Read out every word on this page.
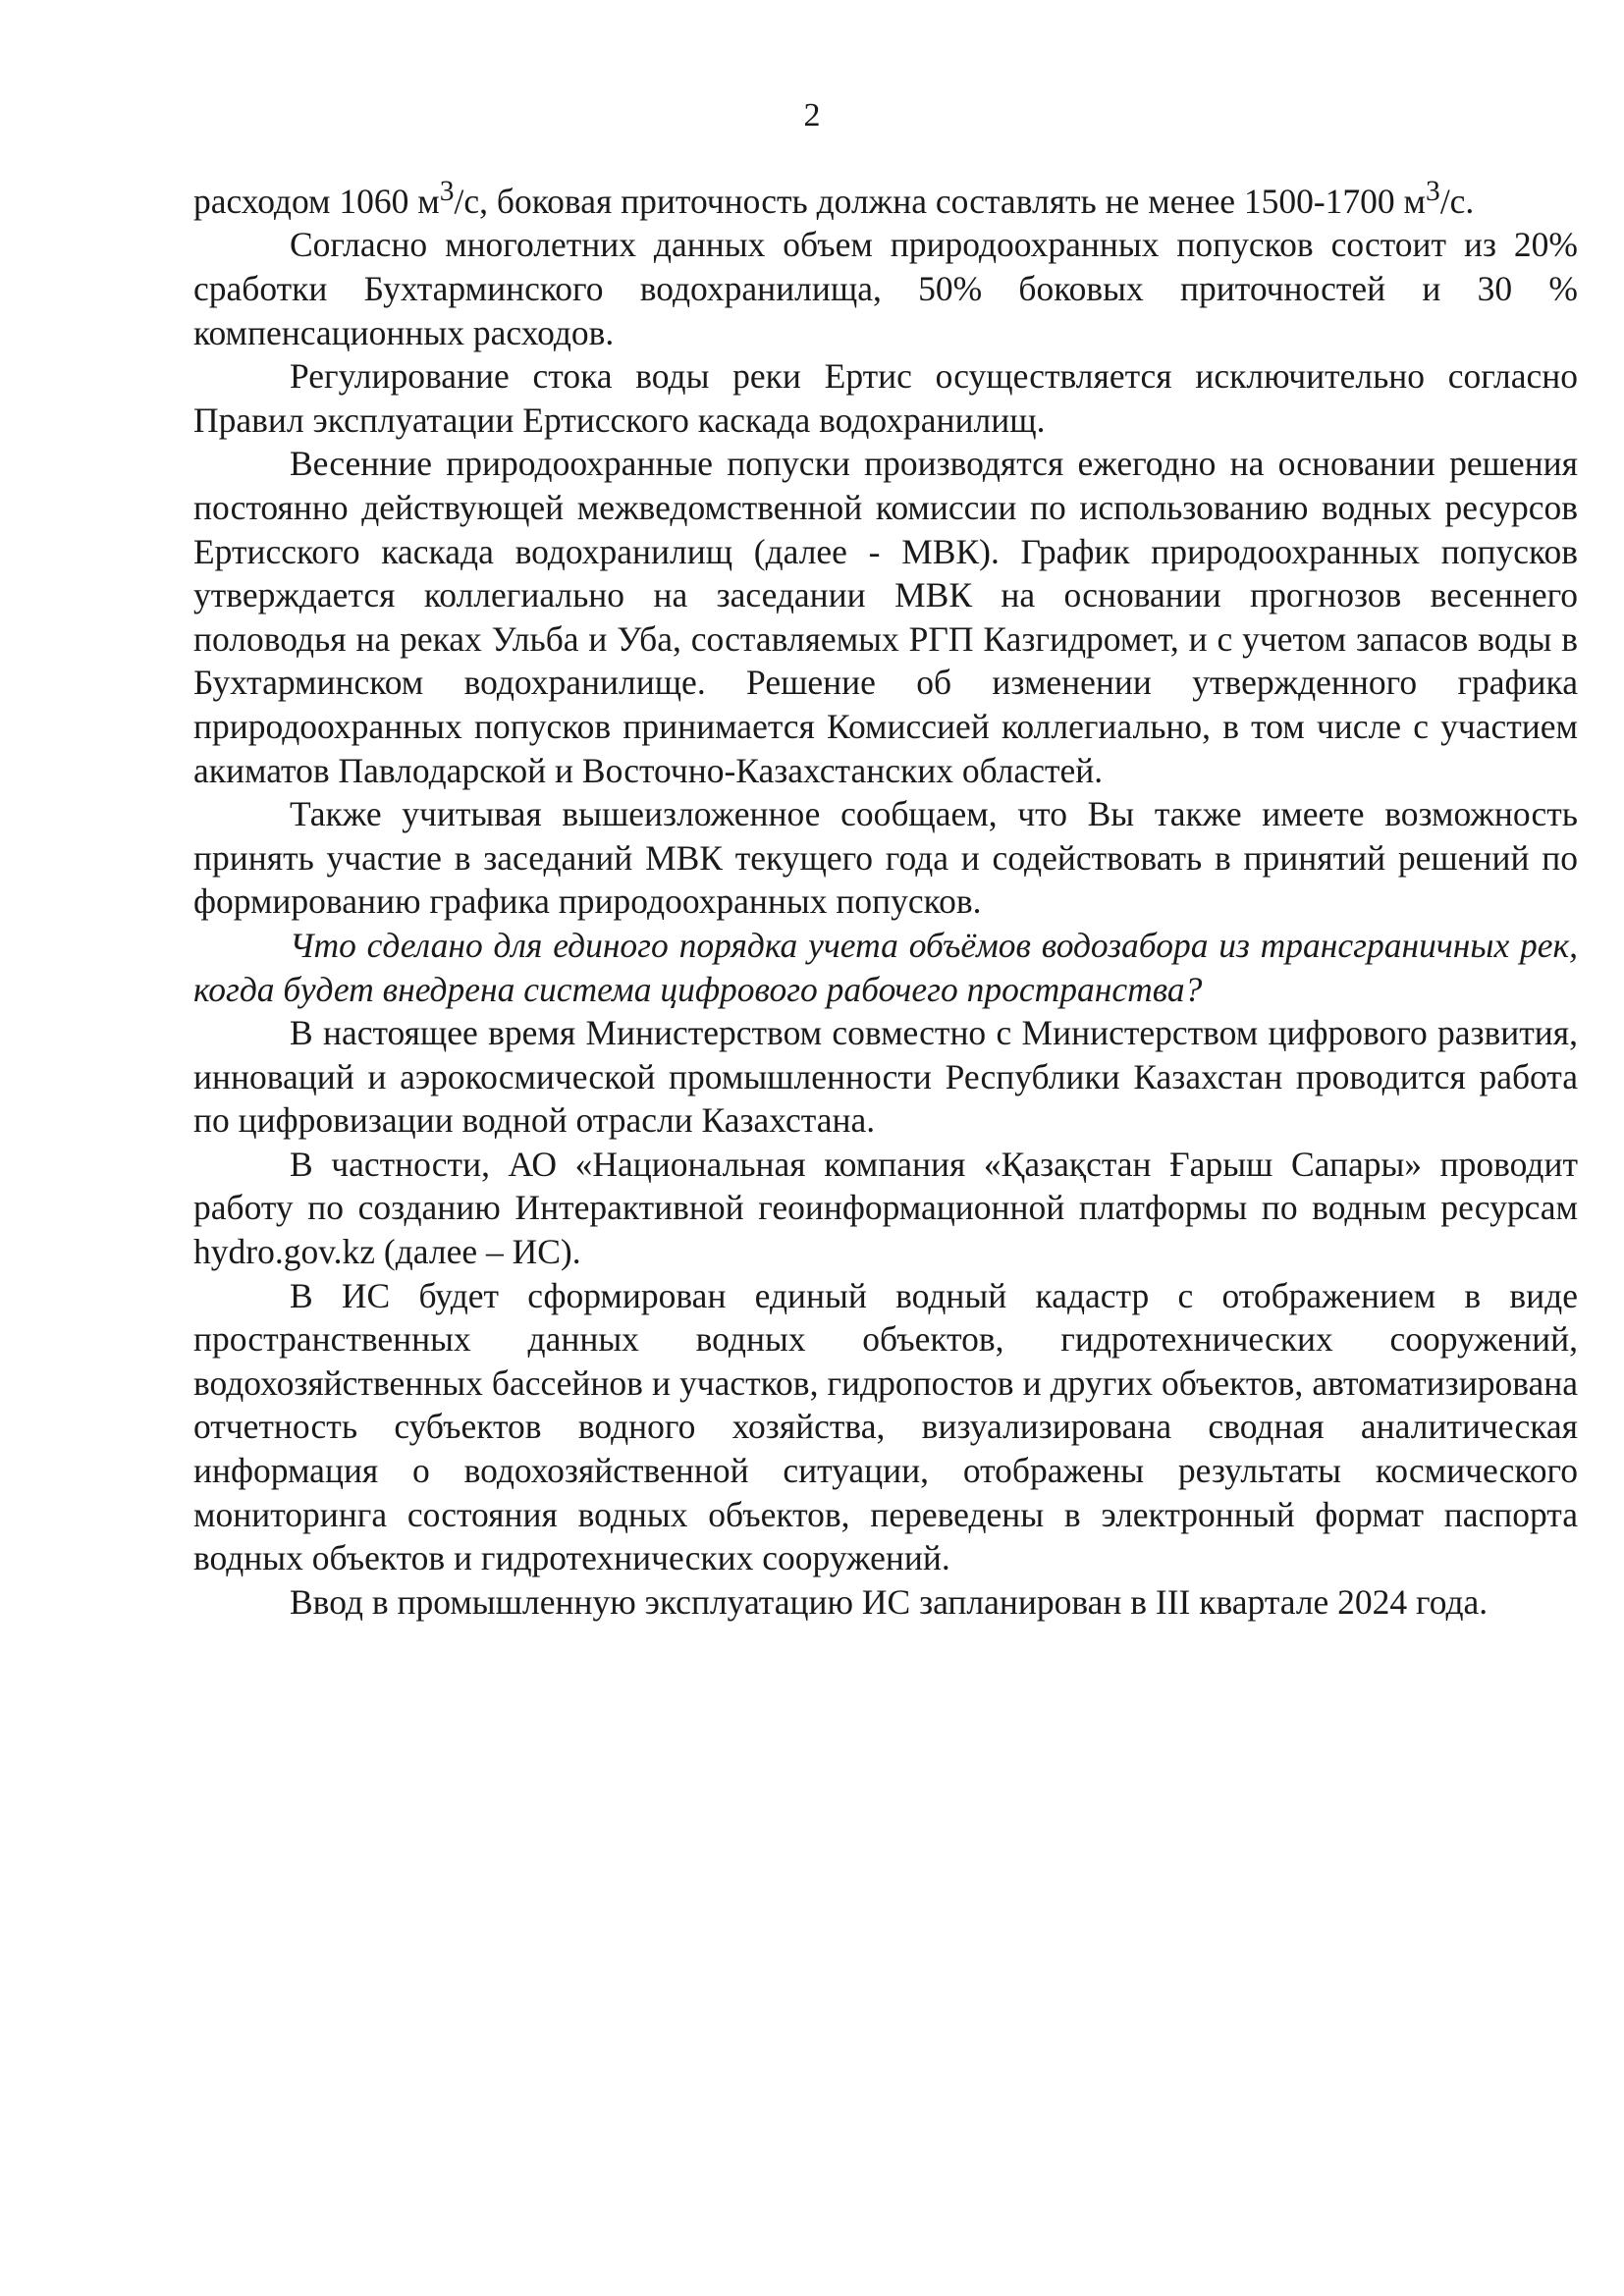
2

расходом 1060 $м^3/с$, боковая приточность должна составлять не менее 1500-1700 $м^3/с$.

Согласно многолетних данных объем природоохранных попусков состоит из 20% сработки Бухтарминского водохранилища, 50% боковых приточностей и 30 % компенсационных расходов.

Регулирование стока воды реки Ертис осуществляется исключительно согласно Правил эксплуатации Ертисского каскада водохранилищ.

Весенние природоохранные попуски производятся ежегодно на основании решения постоянно действующей межведомственной комиссии по использованию водных ресурсов Ертисского каскада водохранилищ (далее - МВК). График природоохранных попусков утверждается коллегиально на заседании МВК на основании прогнозов весеннего половодья на реках Ульба и Уба, составляемых РГП Казгидромет, и с учетом запасов воды в Бухтарминском водохранилище. Решение об изменении утвержденного графика природоохранных попусков принимается Комиссией коллегиально, в том числе с участием акиматов Павлодарской и Восточно-Казахстанских областей.

Также учитывая вышеизложенное сообщаем, что Вы также имеете возможность принять участие в заседаний МВК текущего года и содействовать в принятий решений по формированию графика природоохранных попусков.

Что сделано для единого порядка учета объёмов водозабора из трансграничных рек, когда будет внедрена система цифрового рабочего пространства?

В настоящее время Министерством совместно с Министерством цифрового развития, инноваций и аэрокосмической промышленности Республики Казахстан проводится работа по цифровизации водной отрасли Казахстана.

В частности, АО «Национальная компания «Қазақстан Ғарыш Сапары» проводит работу по созданию Интерактивной геоинформационной платформы по водным ресурсам hydro.gov.kz (далее – ИС).

В ИС будет сформирован единый водный кадастр с отображением в виде пространственных данных водных объектов, гидротехнических сооружений, водохозяйственных бассейнов и участков, гидропостов и других объектов, автоматизирована отчетность субъектов водного хозяйства, визуализирована сводная аналитическая информация о водохозяйственной ситуации, отображены результаты космического мониторинга состояния водных объектов, переведены в электронный формат паспорта водных объектов и гидротехнических сооружений.

Ввод в промышленную эксплуатацию ИС запланирован в III квартале 2024 года.
